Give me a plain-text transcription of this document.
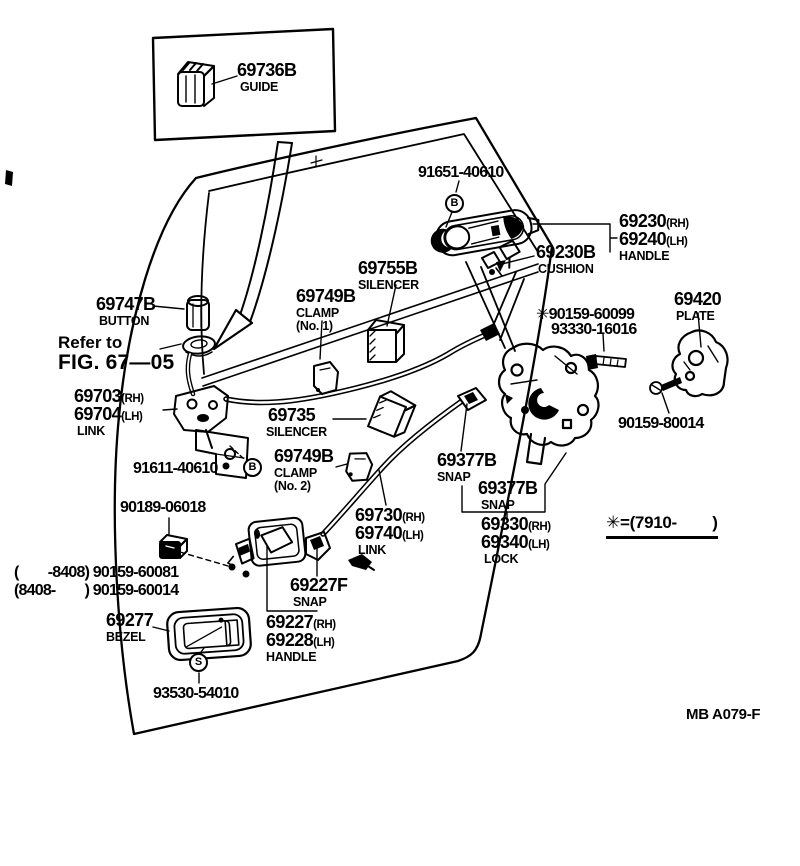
69736B
GUIDE
91651-40610
69230(RH)
69240(LH)
HANDLE
69230B
CUSHION
69755B
SILENCER
69749B
CLAMP
(No. 1)
69747B
BUTTON
Refer to
FIG. 67—05
69420
PLATE
✳90159-60099
93330-16016
69703(RH)
69704(LH)
LINK
69735
SILENCER	90159-80014
91611-40610	B
69749B
CLAMP
(No. 2)
69377B
SNAP
69377B
SNAP
90189-06018	69730(RH)
69740(LH)
LINK
69330(RH)
69340(LH)
LOCK
✳=(7910-        )
(        -8408) 90159-60081
(8408-        ) 90159-60014	69227F
SNAP
69277
BEZEL
69227(RH)
69228(LH)
HANDLE
S
93530-54010
B
MB A079-F
